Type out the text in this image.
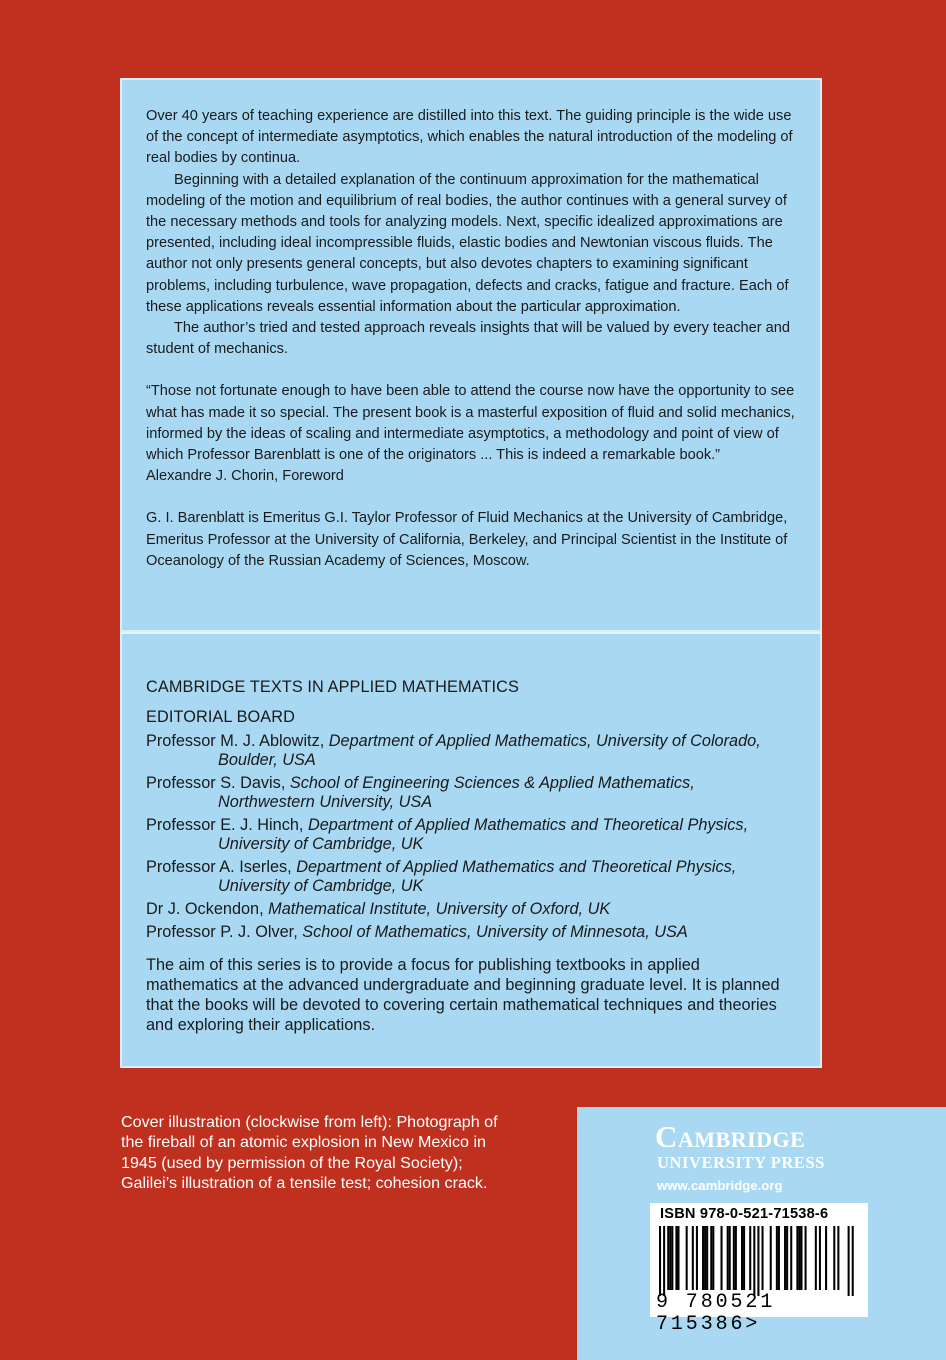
Over 40 years of teaching experience are distilled into this text. The guiding principle is the wide use of the concept of intermediate asymptotics, which enables the natural introduction of the modeling of real bodies by continua.

Beginning with a detailed explanation of the continuum approximation for the mathematical modeling of the motion and equilibrium of real bodies, the author continues with a general survey of the necessary methods and tools for analyzing models. Next, specific idealized approximations are presented, including ideal incompressible fluids, elastic bodies and Newtonian viscous fluids. The author not only presents general concepts, but also devotes chapters to examining significant problems, including turbulence, wave propagation, defects and cracks, fatigue and fracture. Each of these applications reveals essential information about the particular approximation.

The author’s tried and tested approach reveals insights that will be valued by every teacher and student of mechanics.

“Those not fortunate enough to have been able to attend the course now have the opportunity to see what has made it so special. The present book is a masterful exposition of fluid and solid mechanics, informed by the ideas of scaling and intermediate asymptotics, a methodology and point of view of which Professor Barenblatt is one of the originators ... This is indeed a remarkable book.”

Alexandre J. Chorin, Foreword

G. I. Barenblatt is Emeritus G.I. Taylor Professor of Fluid Mechanics at the University of Cambridge, Emeritus Professor at the University of California, Berkeley, and Principal Scientist in the Institute of Oceanology of the Russian Academy of Sciences, Moscow.

CAMBRIDGE TEXTS IN APPLIED MATHEMATICS

EDITORIAL BOARD

Professor M. J. Ablowitz, Department of Applied Mathematics, University of Colorado, Boulder, USA

Professor S. Davis, School of Engineering Sciences & Applied Mathematics, Northwestern University, USA

Professor E. J. Hinch, Department of Applied Mathematics and Theoretical Physics, University of Cambridge, UK

Professor A. Iserles, Department of Applied Mathematics and Theoretical Physics, University of Cambridge, UK

Dr J. Ockendon, Mathematical Institute, University of Oxford, UK

Professor P. J. Olver, School of Mathematics, University of Minnesota, USA

The aim of this series is to provide a focus for publishing textbooks in applied mathematics at the advanced undergraduate and beginning graduate level. It is planned that the books will be devoted to covering certain mathematical techniques and theories and exploring their applications.

Cover illustration (clockwise from left): Photograph of the fireball of an atomic explosion in New Mexico in 1945 (used by permission of the Royal Society); Galilei’s illustration of a tensile test; cohesion crack.
Cambridge
UNIVERSITY PRESS
www.cambridge.org
ISBN 978-0-521-71538-6
9 780521 715386>
